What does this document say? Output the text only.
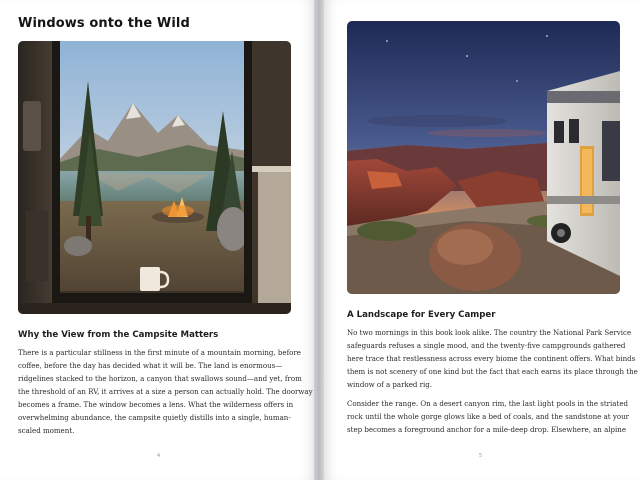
Windows onto the Wild
Why the View from the Campsite Matters

There is a particular stillness in the first minute of a mountain morning, before
coffee, before the day has decided what it will be. The land is enormous—
ridgelines stacked to the horizon, a canyon that swallows sound—and yet, from
the threshold of an RV, it arrives at a size a person can actually hold. The doorway
becomes a frame. The window becomes a lens. What the wilderness offers in
overwhelming abundance, the campsite quietly distills into a single, human-
scaled moment.

4
A Landscape for Every Camper

No two mornings in this book look alike. The country the National Park Service
safeguards refuses a single mood, and the twenty-five campgrounds gathered
here trace that restlessness across every biome the continent offers. What binds
them is not scenery of one kind but the fact that each earns its place through the
window of a parked rig.

Consider the range. On a desert canyon rim, the last light pools in the striated
rock until the whole gorge glows like a bed of coals, and the sandstone at your
step becomes a foreground anchor for a mile-deep drop. Elsewhere, an alpine

5
